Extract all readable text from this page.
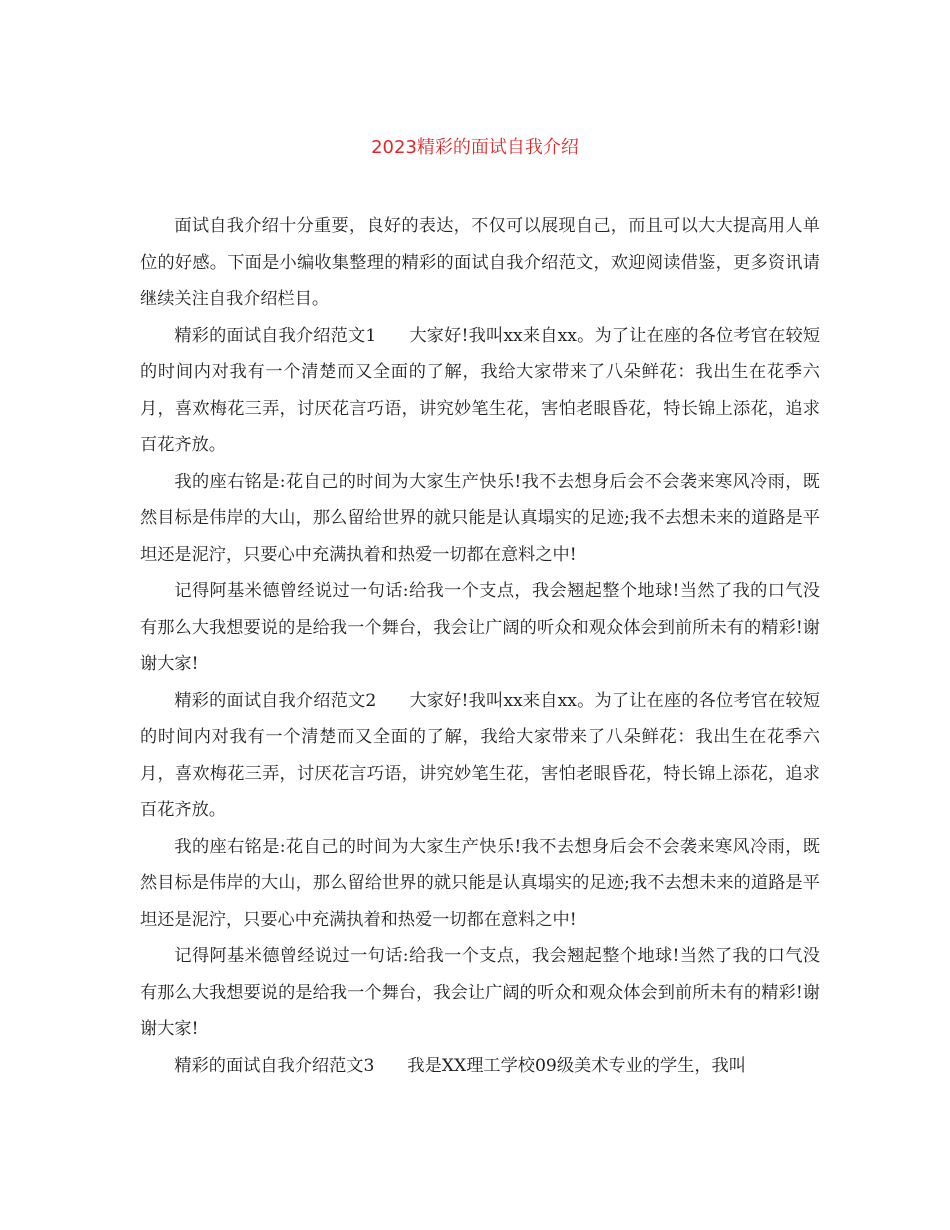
2023精彩的面试自我介绍

面试自我介绍十分重要，良好的表达，不仅可以展现自己，而且可以大大提高用人单位的好感。下面是小编收集整理的精彩的面试自我介绍范文，欢迎阅读借鉴，更多资讯请继续关注自我介绍栏目。

精彩的面试自我介绍范文1 大家好!我叫xx来自xx。为了让在座的各位考官在较短的时间内对我有一个清楚而又全面的了解，我给大家带来了八朵鲜花：我出生在花季六月，喜欢梅花三弄，讨厌花言巧语，讲究妙笔生花，害怕老眼昏花，特长锦上添花，追求百花齐放。

我的座右铭是:花自己的时间为大家生产快乐!我不去想身后会不会袭来寒风冷雨，既然目标是伟岸的大山，那么留给世界的就只能是认真塌实的足迹;我不去想未来的道路是平坦还是泥泞，只要心中充满执着和热爱一切都在意料之中!

记得阿基米德曾经说过一句话:给我一个支点，我会翘起整个地球!当然了我的口气没有那么大我想要说的是给我一个舞台，我会让广阔的听众和观众体会到前所未有的精彩!谢谢大家!

精彩的面试自我介绍范文2 大家好!我叫xx来自xx。为了让在座的各位考官在较短的时间内对我有一个清楚而又全面的了解，我给大家带来了八朵鲜花：我出生在花季六月，喜欢梅花三弄，讨厌花言巧语，讲究妙笔生花，害怕老眼昏花，特长锦上添花，追求百花齐放。

我的座右铭是:花自己的时间为大家生产快乐!我不去想身后会不会袭来寒风冷雨，既然目标是伟岸的大山，那么留给世界的就只能是认真塌实的足迹;我不去想未来的道路是平坦还是泥泞，只要心中充满执着和热爱一切都在意料之中!

记得阿基米德曾经说过一句话:给我一个支点，我会翘起整个地球!当然了我的口气没有那么大我想要说的是给我一个舞台，我会让广阔的听众和观众体会到前所未有的精彩!谢谢大家!

精彩的面试自我介绍范文3 我是XX理工学校09级美术专业的学生，我叫
